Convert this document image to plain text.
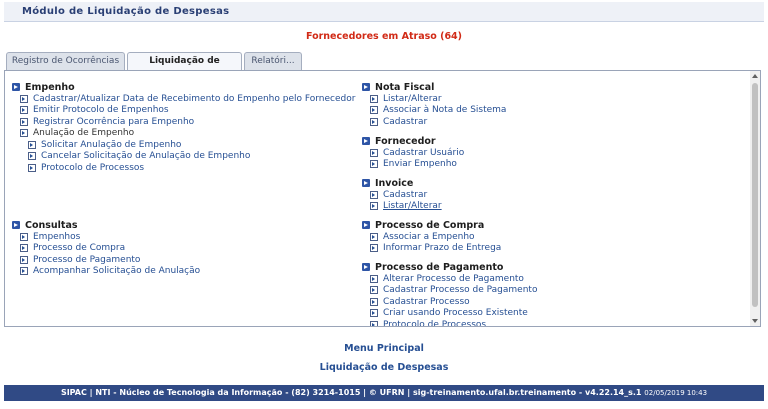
Módulo de Liquidação de Despesas
Fornecedores em Atraso (64)
Registro de Ocorrências	Liquidação de	Relatóri...
Empenho
Cadastrar/Atualizar Data de Recebimento do Empenho pelo Fornecedor
Emitir Protocolo de Empenhos
Registrar Ocorrência para Empenho
Anulação de Empenho
Solicitar Anulação de Empenho
Cancelar Solicitação de Anulação de Empenho
Protocolo de Processos
Consultas
Empenhos
Processo de Compra
Processo de Pagamento
Acompanhar Solicitação de Anulação
Nota Fiscal
Listar/Alterar
Associar à Nota de Sistema
Cadastrar
Fornecedor
Cadastrar Usuário
Enviar Empenho
Invoice
Cadastrar
Listar/Alterar
Processo de Compra
Associar a Empenho
Informar Prazo de Entrega
Processo de Pagamento
Alterar Processo de Pagamento
Cadastrar Processo de Pagamento
Cadastrar Processo
Criar usando Processo Existente
Protocolo de Processos
Menu Principal
Liquidação de Despesas
SIPAC | NTI - Núcleo de Tecnologia da Informação - (82) 3214-1015 | © UFRN | sig-treinamento.ufal.br.treinamento - v4.22.14_s.1 02/05/2019 10:43
